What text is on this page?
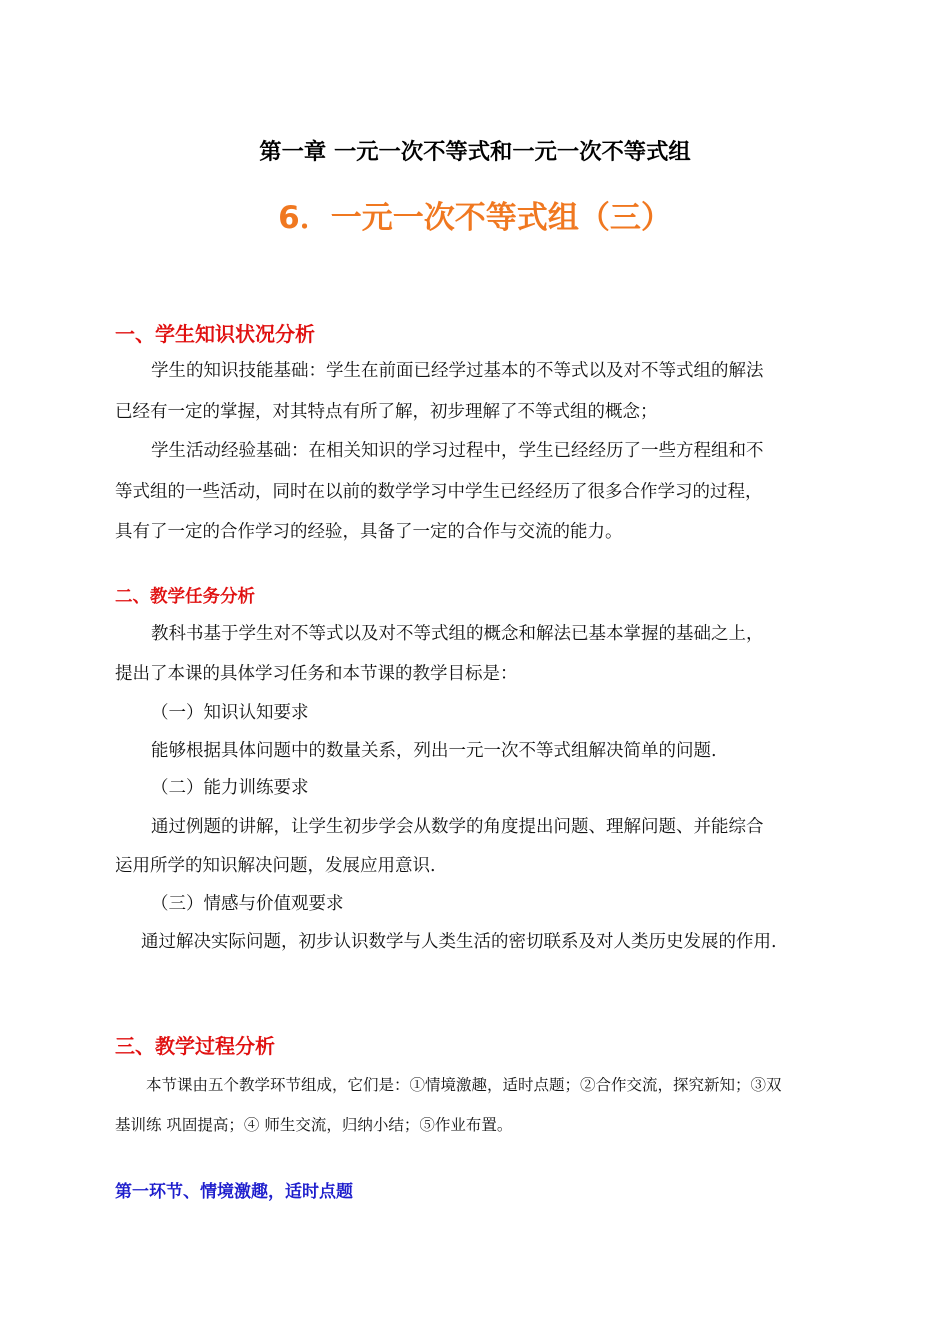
第一章 一元一次不等式和一元一次不等式组
6．一元一次不等式组（三）
一、学生知识状况分析
学生的知识技能基础：学生在前面已经学过基本的不等式以及对不等式组的解法
已经有一定的掌握，对其特点有所了解，初步理解了不等式组的概念；
学生活动经验基础：在相关知识的学习过程中，学生已经经历了一些方程组和不
等式组的一些活动，同时在以前的数学学习中学生已经经历了很多合作学习的过程，
具有了一定的合作学习的经验，具备了一定的合作与交流的能力。
二、教学任务分析
教科书基于学生对不等式以及对不等式组的概念和解法已基本掌握的基础之上，
提出了本课的具体学习任务和本节课的教学目标是：
（一）知识认知要求
能够根据具体问题中的数量关系，列出一元一次不等式组解决简单的问题.
（二）能力训练要求
通过例题的讲解，让学生初步学会从数学的角度提出问题、理解问题、并能综合
运用所学的知识解决问题，发展应用意识.
（三）情感与价值观要求
通过解决实际问题，初步认识数学与人类生活的密切联系及对人类历史发展的作用.
三、教学过程分析
本节课由五个教学环节组成，它们是：①情境激趣，适时点题；②合作交流，探究新知；③双
基训练 巩固提高；④ 师生交流，归纳小结；⑤作业布置。
第一环节、情境激趣，适时点题
